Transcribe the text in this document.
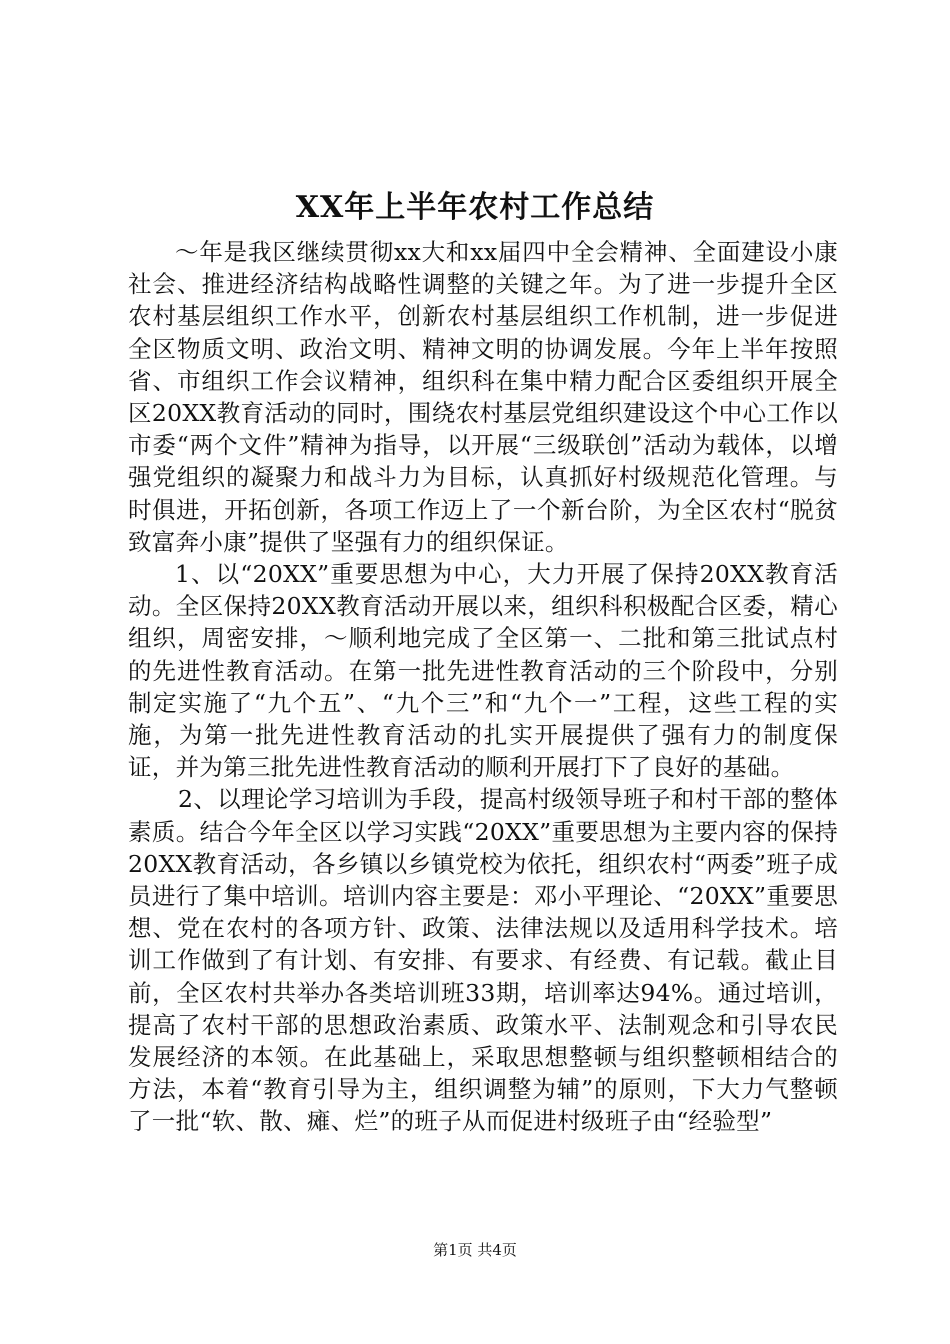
XX年上半年农村工作总结

～年是我区继续贯彻xx大和xx届四中全会精神、全面建设小康社会、推进经济结构战略性调整的关键之年。为了进一步提升全区农村基层组织工作水平，创新农村基层组织工作机制，进一步促进全区物质文明、政治文明、精神文明的协调发展。今年上半年按照省、市组织工作会议精神，组织科在集中精力配合区委组织开展全区20XX教育活动的同时，围绕农村基层党组织建设这个中心工作以市委“两个文件”精神为指导，以开展“三级联创”活动为载体，以增强党组织的凝聚力和战斗力为目标，认真抓好村级规范化管理。与时俱进，开拓创新，各项工作迈上了一个新台阶，为全区农村“脱贫致富奔小康”提供了坚强有力的组织保证。

1、以“20XX”重要思想为中心，大力开展了保持20XX教育活动。全区保持20XX教育活动开展以来，组织科积极配合区委，精心组织，周密安排，～顺利地完成了全区第一、二批和第三批试点村的先进性教育活动。在第一批先进性教育活动的三个阶段中，分别制定实施了“九个五”、“九个三”和“九个一”工程，这些工程的实施，为第一批先进性教育活动的扎实开展提供了强有力的制度保证，并为第三批先进性教育活动的顺利开展打下了良好的基础。

2、以理论学习培训为手段，提高村级领导班子和村干部的整体素质。结合今年全区以学习实践“20XX”重要思想为主要内容的保持20XX教育活动，各乡镇以乡镇党校为依托，组织农村“两委”班子成员进行了集中培训。培训内容主要是：邓小平理论、“20XX”重要思想、党在农村的各项方针、政策、法律法规以及适用科学技术。培训工作做到了有计划、有安排、有要求、有经费、有记载。截止目前，全区农村共举办各类培训班33期，培训率达94%。通过培训，提高了农村干部的思想政治素质、政策水平、法制观念和引导农民发展经济的本领。在此基础上，采取思想整顿与组织整顿相结合的方法，本着“教育引导为主，组织调整为辅”的原则，下大力气整顿了一批“软、散、瘫、烂”的班子从而促进村级班子由“经验型”

第1页 共4页
